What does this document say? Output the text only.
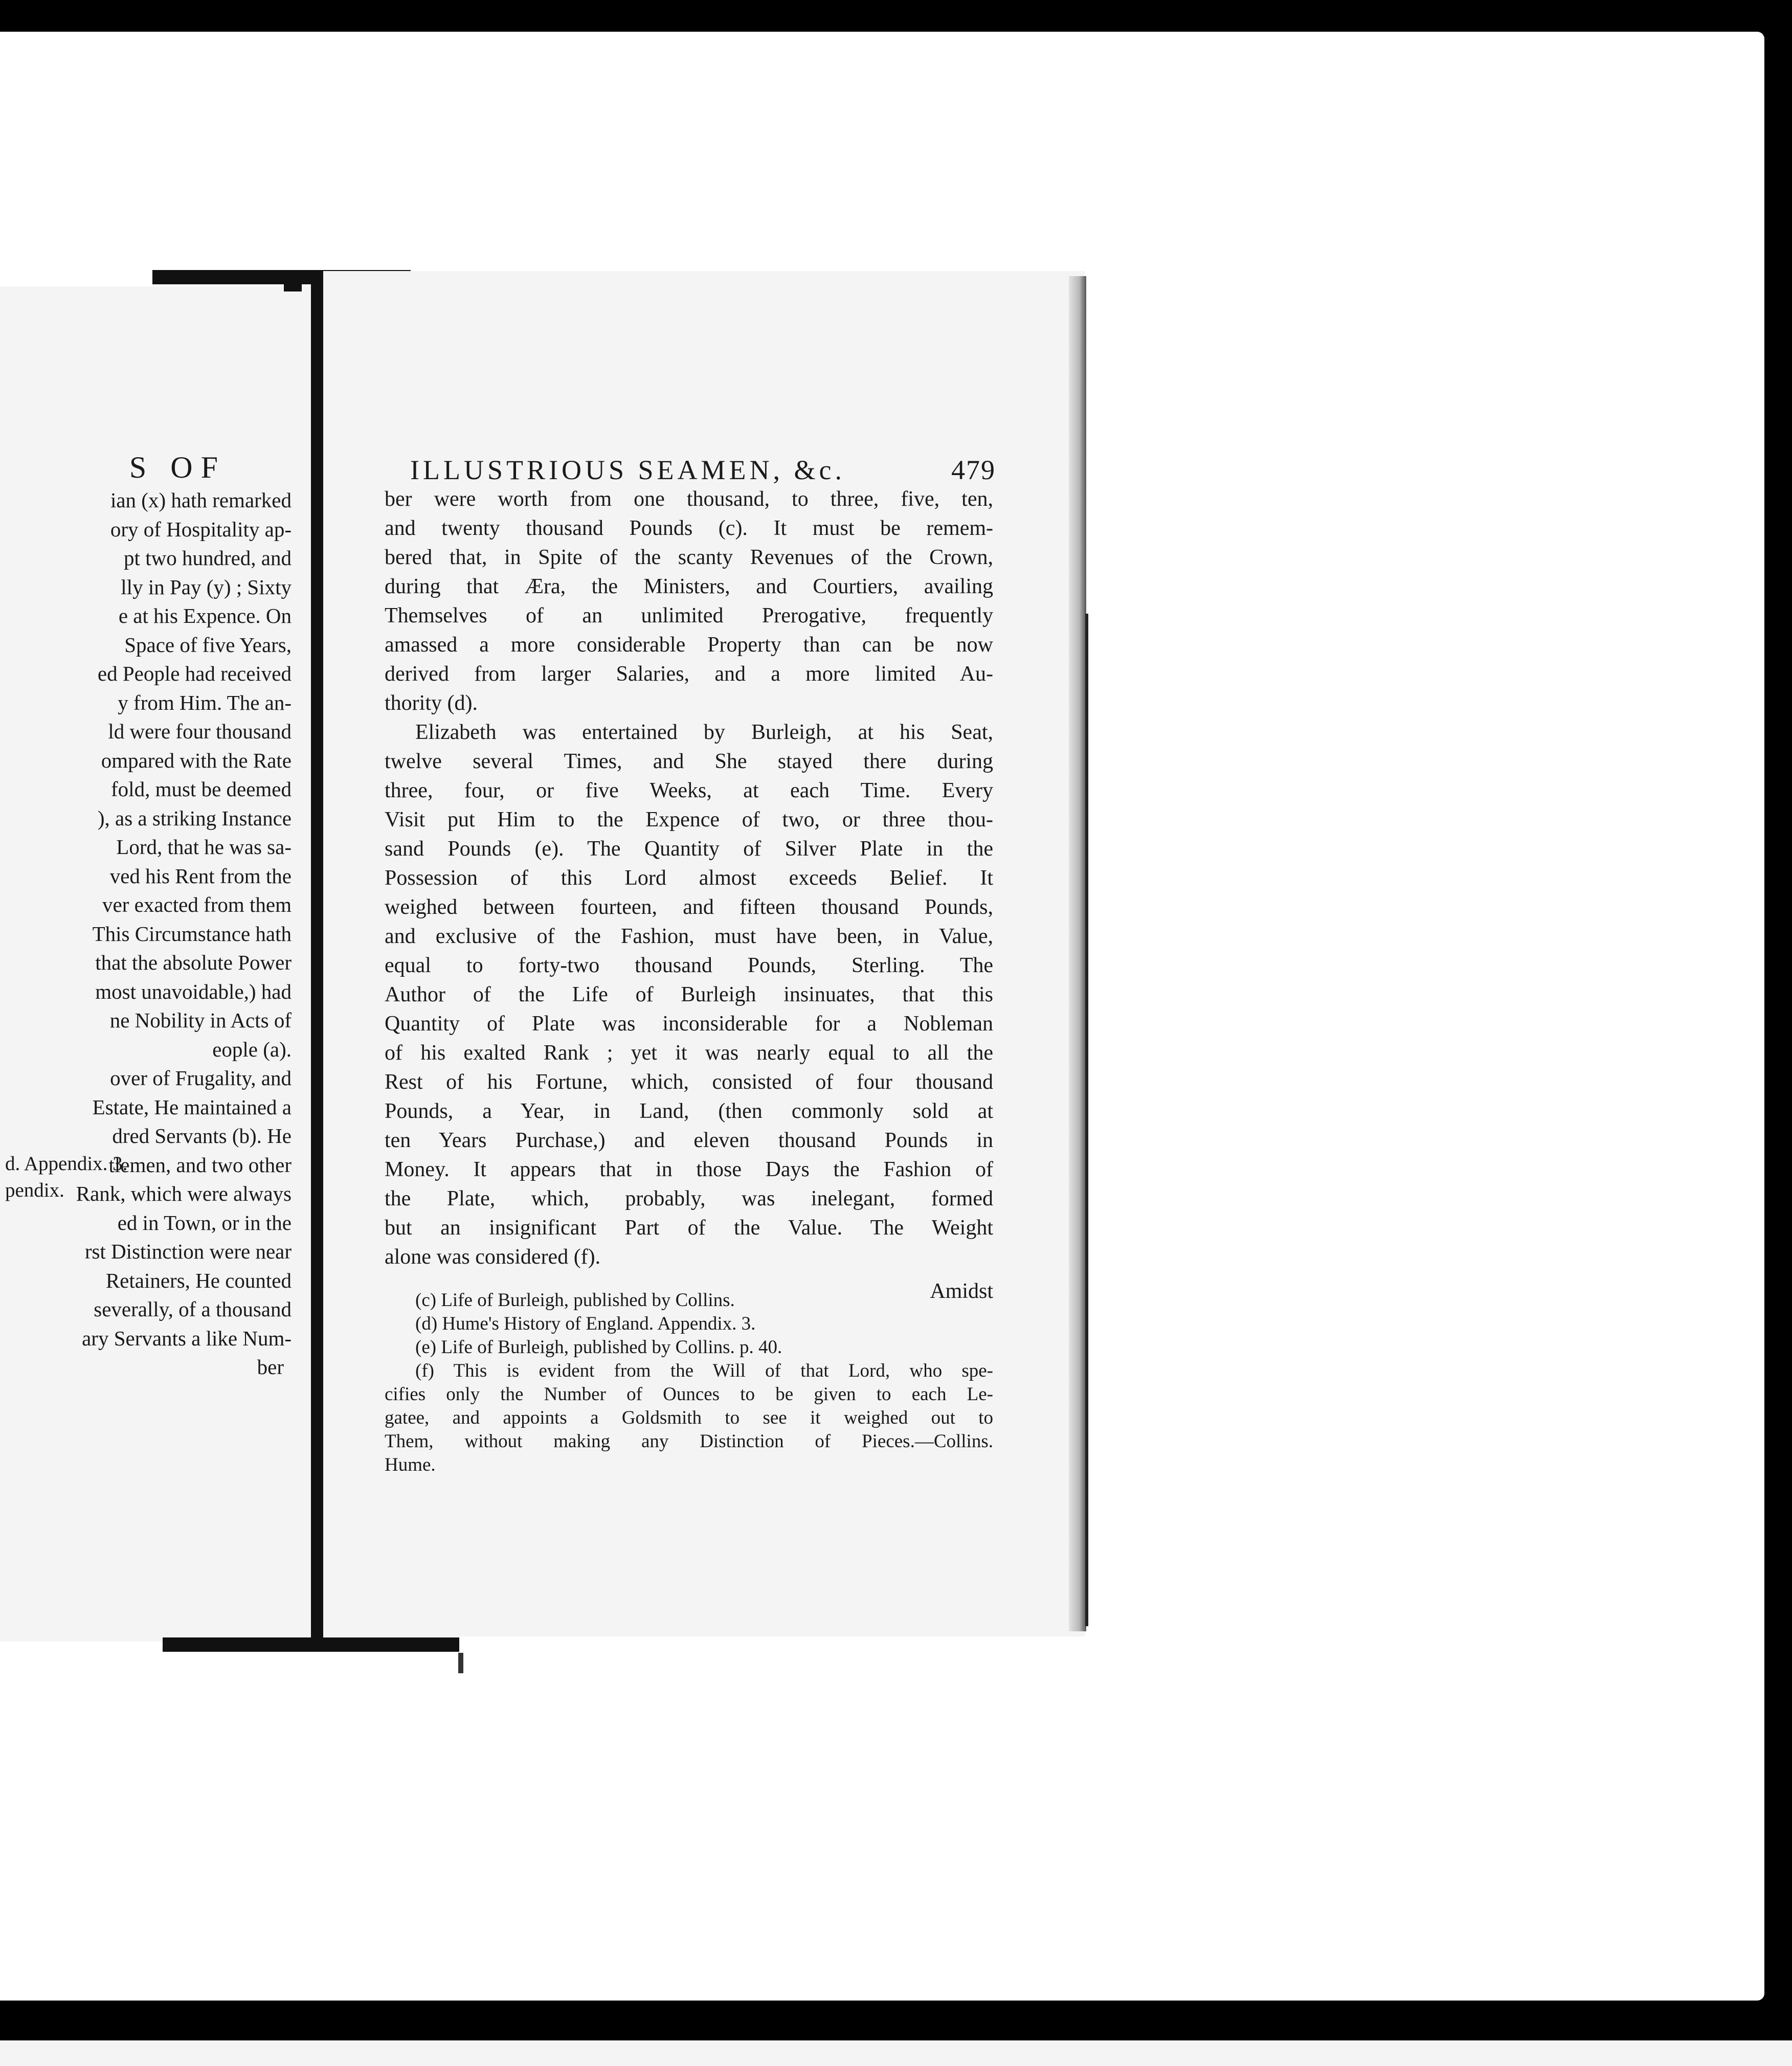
S OF
ian (x) hath remarked
ory of Hospitality ap-
pt two hundred, and
lly in Pay (y) ; Sixty
e at his Expence. On
Space of five Years,
ed People had received
y from Him. The an-
ld were four thousand
ompared with the Rate
fold, must be deemed
), as a striking Instance
Lord, that he was sa-
ved his Rent from the
ver exacted from them
This Circumstance hath
that the absolute Power
most unavoidable,) had
ne Nobility in Acts of
eople (a).
over of Frugality, and
Estate, He maintained a
dred Servants (b). He
tlemen, and two other
Rank, which were always
ed in Town, or in the
rst Distinction were near
Retainers, He counted
severally, of a thousand
ary Servants a like Num-
ber
d. Appendix. 3.
pendix.
ILLUSTRIOUS SEAMEN, &c.	479
ber were worth from one thousand, to three, five, ten,
and twenty thousand Pounds (c). It must be remem-
bered that, in Spite of the scanty Revenues of the Crown,
during that Æra, the Ministers, and Courtiers, availing
Themselves of an unlimited Prerogative, frequently
amassed a more considerable Property than can be now
derived from larger Salaries, and a more limited Au-
thority (d).
Elizabeth was entertained by Burleigh, at his Seat,
twelve several Times, and She stayed there during
three, four, or five Weeks, at each Time. Every
Visit put Him to the Expence of two, or three thou-
sand Pounds (e). The Quantity of Silver Plate in the
Possession of this Lord almost exceeds Belief. It
weighed between fourteen, and fifteen thousand Pounds,
and exclusive of the Fashion, must have been, in Value,
equal to forty-two thousand Pounds, Sterling. The
Author of the Life of Burleigh insinuates, that this
Quantity of Plate was inconsiderable for a Nobleman
of his exalted Rank ; yet it was nearly equal to all the
Rest of his Fortune, which, consisted of four thousand
Pounds, a Year, in Land, (then commonly sold at
ten Years Purchase,) and eleven thousand Pounds in
Money. It appears that in those Days the Fashion of
the Plate, which, probably, was inelegant, formed
but an insignificant Part of the Value. The Weight
alone was considered (f).
Amidst
(c) Life of Burleigh, published by Collins.
(d) Hume's History of England. Appendix. 3.
(e) Life of Burleigh, published by Collins. p. 40.
(f) This is evident from the Will of that Lord, who spe-
cifies only the Number of Ounces to be given to each Le-
gatee, and appoints a Goldsmith to see it weighed out to
Them, without making any Distinction of Pieces.—Collins.
Hume.
